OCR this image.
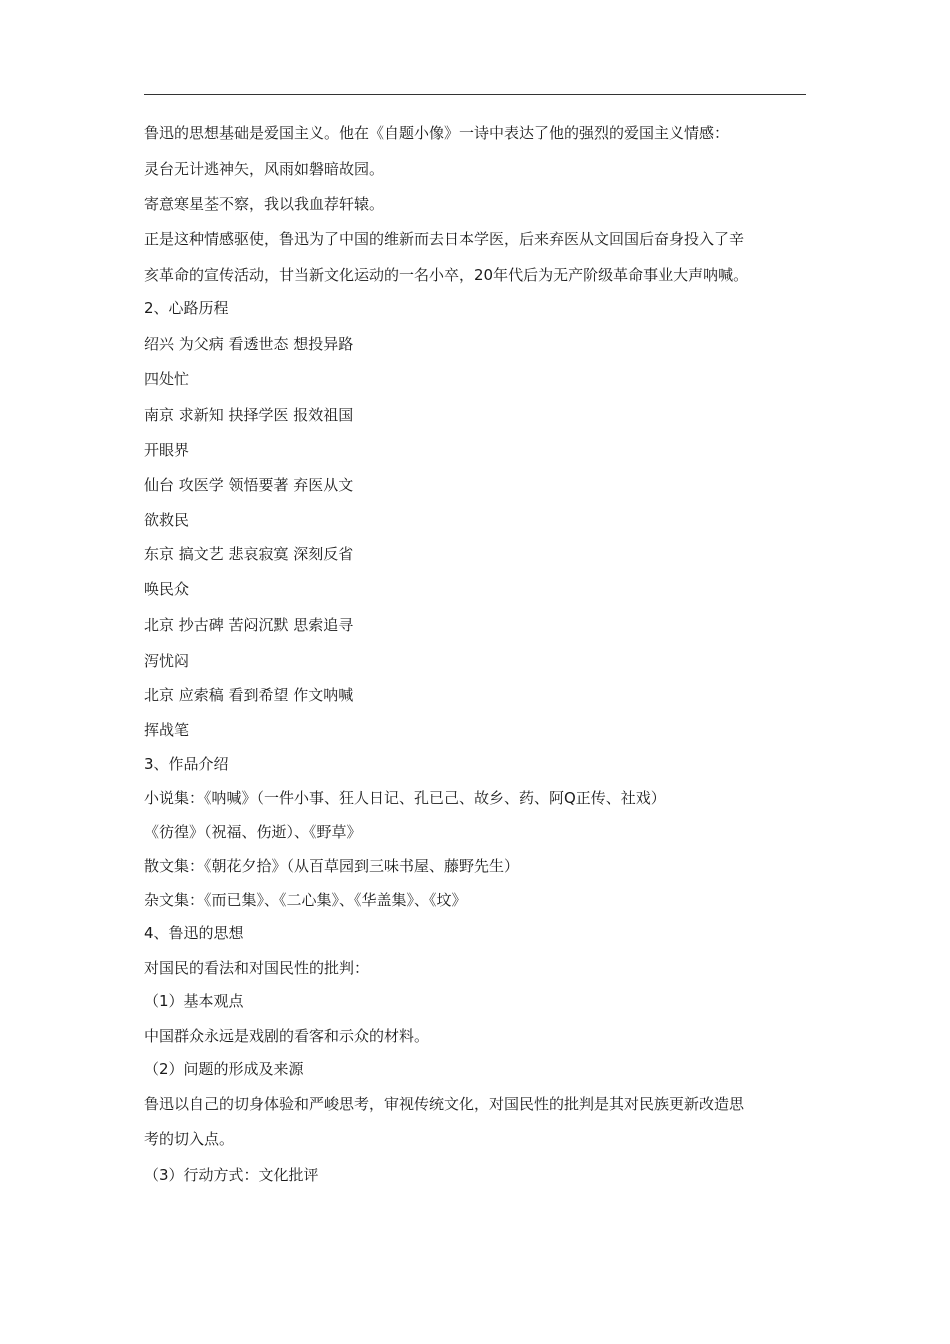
鲁迅的思想基础是爱国主义。他在《自题小像》一诗中表达了他的强烈的爱国主义情感：
灵台无计逃神矢，风雨如磐暗故园。
寄意寒星荃不察，我以我血荐轩辕。
正是这种情感驱使，鲁迅为了中国的维新而去日本学医，后来弃医从文回国后奋身投入了辛
亥革命的宣传活动，甘当新文化运动的一名小卒，20年代后为无产阶级革命事业大声呐喊。
2、心路历程
绍兴 为父病 看透世态 想投异路
四处忙
南京 求新知 抉择学医 报效祖国
开眼界
仙台 攻医学 领悟要著 弃医从文
欲救民
东京 搞文艺 悲哀寂寞 深刻反省
唤民众
北京 抄古碑 苦闷沉默 思索追寻
泻忧闷
北京 应索稿 看到希望 作文呐喊
挥战笔
3、作品介绍
小说集：《呐喊》（一件小事、狂人日记、孔已己、故乡、药、阿Q正传、社戏）
《彷徨》（祝福、伤逝）、《野草》
散文集：《朝花夕拾》（从百草园到三味书屋、藤野先生）
杂文集：《而已集》、《二心集》、《华盖集》、《坟》
4、鲁迅的思想
对国民的看法和对国民性的批判：
（1）基本观点
中国群众永远是戏剧的看客和示众的材料。
（2）问题的形成及来源
鲁迅以自己的切身体验和严峻思考，审视传统文化，对国民性的批判是其对民族更新改造思
考的切入点。
（3）行动方式：文化批评
